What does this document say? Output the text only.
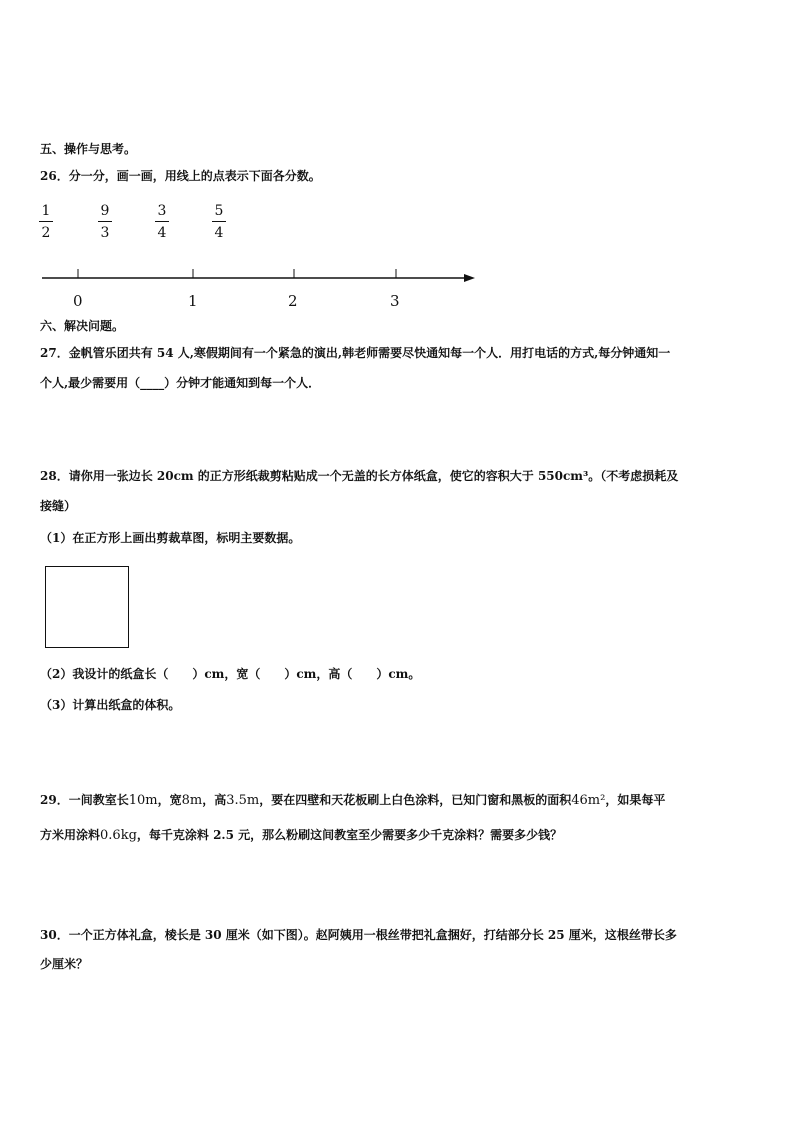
五、操作与思考。
26．分一分，画一画，用线上的点表示下面各分数。
1
2
9
3
3
4
5
4
0	1	2	3
六、解决问题。
27．金帆管乐团共有 54 人,寒假期间有一个紧急的演出,韩老师需要尽快通知每一个人．用打电话的方式,每分钟通知一
个人,最少需要用（____）分钟才能通知到每一个人．
28．请你用一张边长 20cm 的正方形纸裁剪粘贴成一个无盖的长方体纸盒，使它的容积大于 550cm³。（不考虑损耗及
接缝）
（1）在正方形上画出剪裁草图，标明主要数据。
（2）我设计的纸盒长（　　）cm，宽（　　）cm，高（　　）cm。
（3）计算出纸盒的体积。
29．一间教室长10m，宽8m，高3.5m，要在四壁和天花板刷上白色涂料，已知门窗和黑板的面积46m²，如果每平
方米用涂料0.6kg，每千克涂料 2.5 元，那么粉刷这间教室至少需要多少千克涂料？需要多少钱？
30．一个正方体礼盒，棱长是 30 厘米（如下图）。赵阿姨用一根丝带把礼盒捆好，打结部分长 25 厘米，这根丝带长多
少厘米？
